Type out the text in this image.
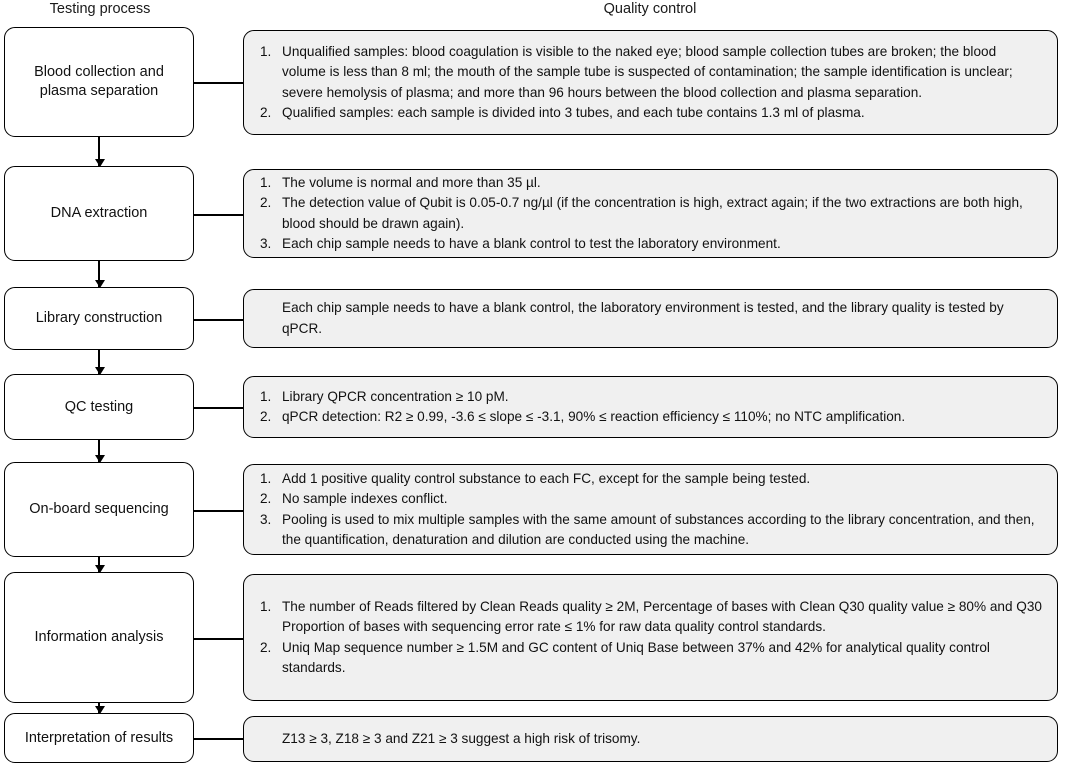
Testing process	Quality control
Blood collection and plasma separation
1. Unqualified samples: blood coagulation is visible to the naked eye; blood sample collection tubes are broken; the blood volume is less than 8 ml; the mouth of the sample tube is suspected of contamination; the sample identification is unclear; severe hemolysis of plasma; and more than 96 hours between the blood collection and plasma separation.
2. Qualified samples: each sample is divided into 3 tubes, and each tube contains 1.3 ml of plasma.
DNA extraction
1. The volume is normal and more than 35 µl.
2. The detection value of Qubit is 0.05-0.7 ng/µl (if the concentration is high, extract again; if the two extractions are both high, blood should be drawn again).
3. Each chip sample needs to have a blank control to test the laboratory environment.
Library construction
Each chip sample needs to have a blank control, the laboratory environment is tested, and the library quality is tested by qPCR.
QC testing
1. Library QPCR concentration ≥ 10 pM.
2. qPCR detection: R2 ≥ 0.99, -3.6 ≤ slope ≤ -3.1, 90% ≤ reaction efficiency ≤ 110%; no NTC amplification.
On-board sequencing
1. Add 1 positive quality control substance to each FC, except for the sample being tested.
2. No sample indexes conflict.
3. Pooling is used to mix multiple samples with the same amount of substances according to the library concentration, and then, the quantification, denaturation and dilution are conducted using the machine.
Information analysis
1. The number of Reads filtered by Clean Reads quality ≥ 2M, Percentage of bases with Clean Q30 quality value ≥ 80% and Q30 Proportion of bases with sequencing error rate ≤ 1% for raw data quality control standards.
2. Uniq Map sequence number ≥ 1.5M and GC content of Uniq Base between 37% and 42% for analytical quality control standards.
Interpretation of results	Z13 ≥ 3, Z18 ≥ 3 and Z21 ≥ 3 suggest a high risk of trisomy.
